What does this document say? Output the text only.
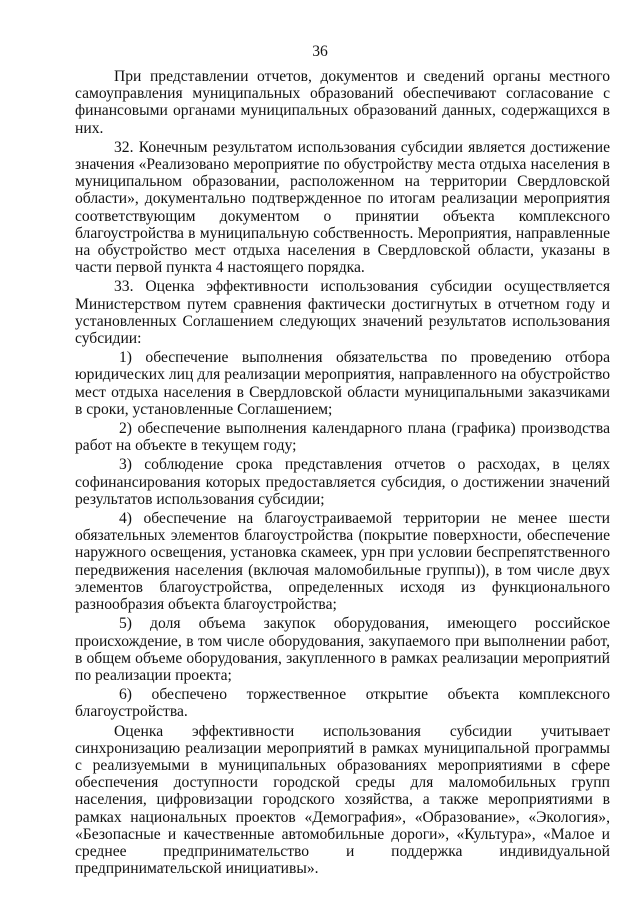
36

При представлении отчетов, документов и сведений органы местного самоуправления муниципальных образований обеспечивают согласование с финансовыми органами муниципальных образований данных, содержащихся в них.

32. Конечным результатом использования субсидии является достижение значения «Реализовано мероприятие по обустройству места отдыха населения в муниципальном образовании, расположенном на территории Свердловской области», документально подтвержденное по итогам реализации мероприятия соответствующим документом о принятии объекта комплексного благоустройства в муниципальную собственность. Мероприятия, направленные на обустройство мест отдыха населения в Свердловской области, указаны в части первой пункта 4 настоящего порядка.

33. Оценка эффективности использования субсидии осуществляется Министерством путем сравнения фактически достигнутых в отчетном году и установленных Соглашением следующих значений результатов использования субсидии:

1) обеспечение выполнения обязательства по проведению отбора юридических лиц для реализации мероприятия, направленного на обустройство мест отдыха населения в Свердловской области муниципальными заказчиками в сроки, установленные Соглашением;

2) обеспечение выполнения календарного плана (графика) производства работ на объекте в текущем году;

3) соблюдение срока представления отчетов о расходах, в целях софинансирования которых предоставляется субсидия, о достижении значений результатов использования субсидии;

4) обеспечение на благоустраиваемой территории не менее шести обязательных элементов благоустройства (покрытие поверхности, обеспечение наружного освещения, установка скамеек, урн при условии беспрепятственного передвижения населения (включая маломобильные группы)), в том числе двух элементов благоустройства, определенных исходя из функционального разнообразия объекта благоустройства;

5) доля объема закупок оборудования, имеющего российское происхождение, в том числе оборудования, закупаемого при выполнении работ, в общем объеме оборудования, закупленного в рамках реализации мероприятий по реализации проекта;

6) обеспечено торжественное открытие объекта комплексного благоустройства.

Оценка эффективности использования субсидии учитывает синхронизацию реализации мероприятий в рамках муниципальной программы с реализуемыми в муниципальных образованиях мероприятиями в сфере обеспечения доступности городской среды для маломобильных групп населения, цифровизации городского хозяйства, а также мероприятиями в рамках национальных проектов «Демография», «Образование», «Экология», «Безопасные и качественные автомобильные дороги», «Культура», «Малое и среднее предпринимательство и поддержка индивидуальной предпринимательской инициативы».
